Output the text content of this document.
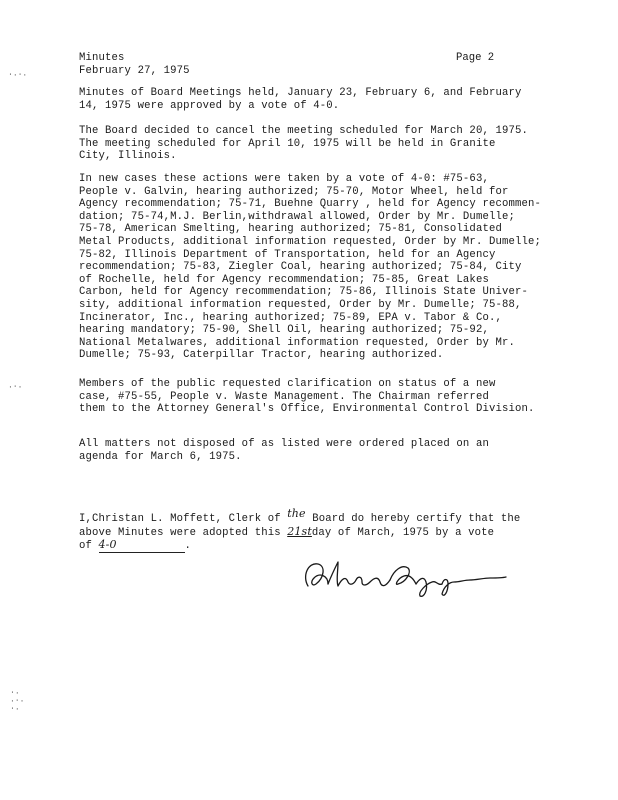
⋅·⋅·
·⋅·
⋅·
·⋅·
⋅·
Minutes	Page 2
February 27, 1975

Minutes of Board Meetings held, January 23, February 6, and February

14, 1975 were approved by a vote of 4-0.

The Board decided to cancel the meeting scheduled for March 20, 1975.

The meeting scheduled for April 10, 1975 will be held in Granite

City, Illinois.

In new cases these actions were taken by a vote of 4-0: #75-63,

People v. Galvin, hearing authorized; 75-70, Motor Wheel, held for

Agency recommendation; 75-71, Buehne Quarry , held for Agency recommen-

dation; 75-74,M.J. Berlin,withdrawal allowed, Order by Mr. Dumelle;

75-78, American Smelting, hearing authorized; 75-81, Consolidated

Metal Products, additional information requested, Order by Mr. Dumelle;

75-82, Illinois Department of Transportation, held for an Agency

recommendation; 75-83, Ziegler Coal, hearing authorized; 75-84, City

of Rochelle, held for Agency recommendation; 75-85, Great Lakes

Carbon, held for Agency recommendation; 75-86, Illinois State Univer-

sity, additional information requested, Order by Mr. Dumelle; 75-88,

Incinerator, Inc., hearing authorized; 75-89, EPA v. Tabor & Co.,

hearing mandatory; 75-90, Shell Oil, hearing authorized; 75-92,

National Metalwares, additional information requested, Order by Mr.

Dumelle; 75-93, Caterpillar Tractor, hearing authorized.

Members of the public requested clarification on status of a new

case, #75-55, People v. Waste Management. The Chairman referred

them to the Attorney General's Office, Environmental Control Division.

All matters not disposed of as listed were ordered placed on an

agenda for March 6, 1975.

I,Christan L. Moffett, Clerk of the Board do hereby certify that the
above Minutes were adopted this 21stday of March, 1975 by a vote
of 4-0	.
